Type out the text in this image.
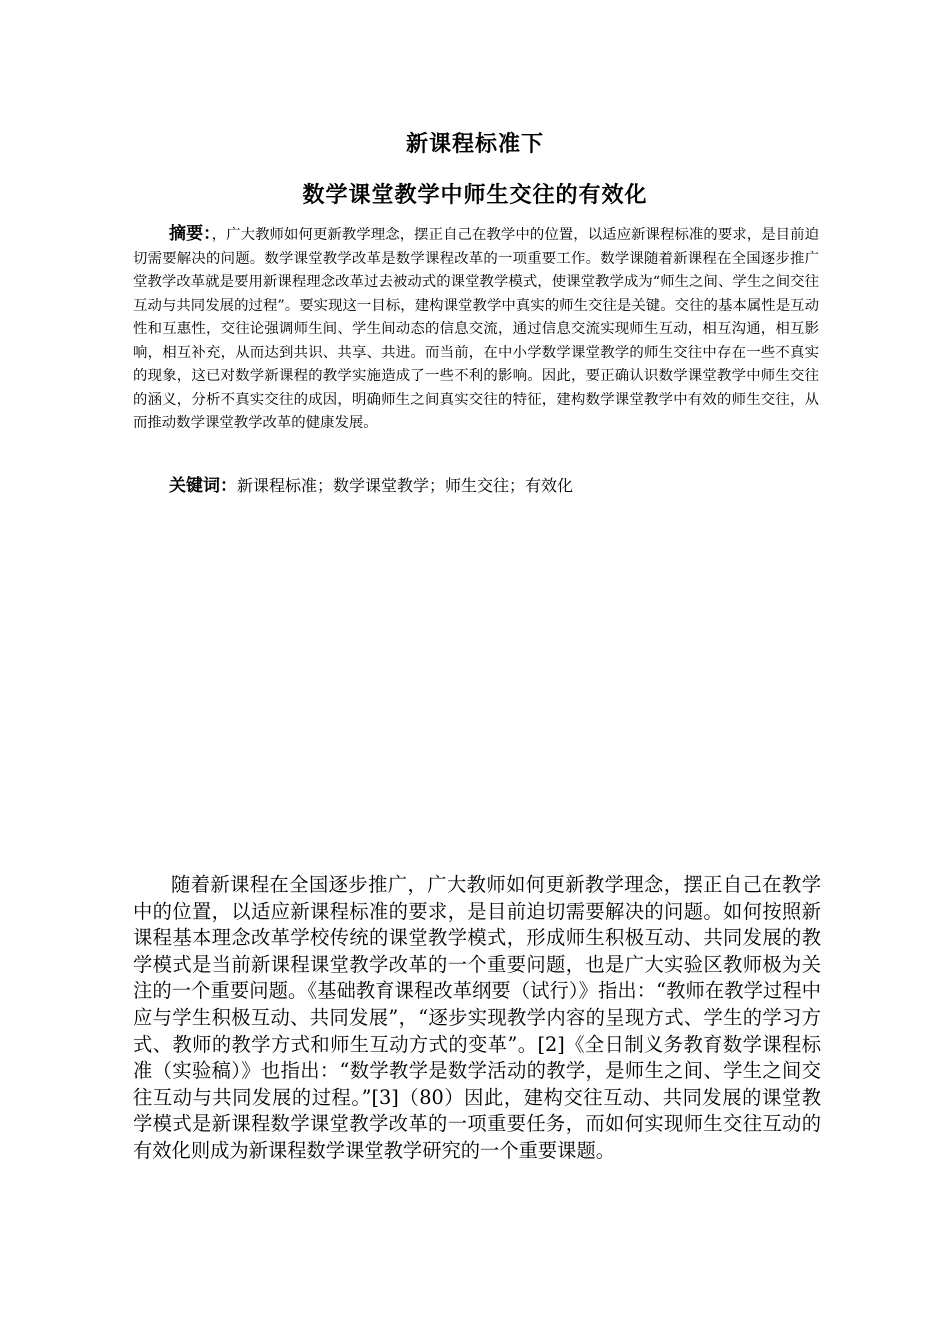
新课程标准下
数学课堂教学中师生交往的有效化

摘要：，广大教师如何更新教学理念，摆正自己在教学中的位置，以适应新课程标准的要求，是目前迫切需要解决的问题。数学课堂教学改革是数学课程改革的一项重要工作。数学课随着新课程在全国逐步推广堂教学改革就是要用新课程理念改革过去被动式的课堂教学模式，使课堂教学成为“师生之间、学生之间交往互动与共同发展的过程”。要实现这一目标，建构课堂教学中真实的师生交往是关键。交往的基本属性是互动性和互惠性，交往论强调师生间、学生间动态的信息交流，通过信息交流实现师生互动，相互沟通，相互影响，相互补充，从而达到共识、共享、共进。而当前，在中小学数学课堂教学的师生交往中存在一些不真实的现象，这已对数学新课程的教学实施造成了一些不利的影响。因此，要正确认识数学课堂教学中师生交往的涵义，分析不真实交往的成因，明确师生之间真实交往的特征，建构数学课堂教学中有效的师生交往，从而推动数学课堂教学改革的健康发展。

关键词：新课程标准；数学课堂教学；师生交往；有效化

随着新课程在全国逐步推广，广大教师如何更新教学理念，摆正自己在教学中的位置，以适应新课程标准的要求，是目前迫切需要解决的问题。如何按照新课程基本理念改革学校传统的课堂教学模式，形成师生积极互动、共同发展的教学模式是当前新课程课堂教学改革的一个重要问题，也是广大实验区教师极为关注的一个重要问题。《基础教育课程改革纲要（试行）》指出：“教师在教学过程中应与学生积极互动、共同发展”，“逐步实现教学内容的呈现方式、学生的学习方式、教师的教学方式和师生互动方式的变革”。[2]《全日制义务教育数学课程标准（实验稿）》也指出：“数学教学是数学活动的教学，是师生之间、学生之间交往互动与共同发展的过程。”[3]（80）因此，建构交往互动、共同发展的课堂教学模式是新课程数学课堂教学改革的一项重要任务，而如何实现师生交往互动的有效化则成为新课程数学课堂教学研究的一个重要课题。
